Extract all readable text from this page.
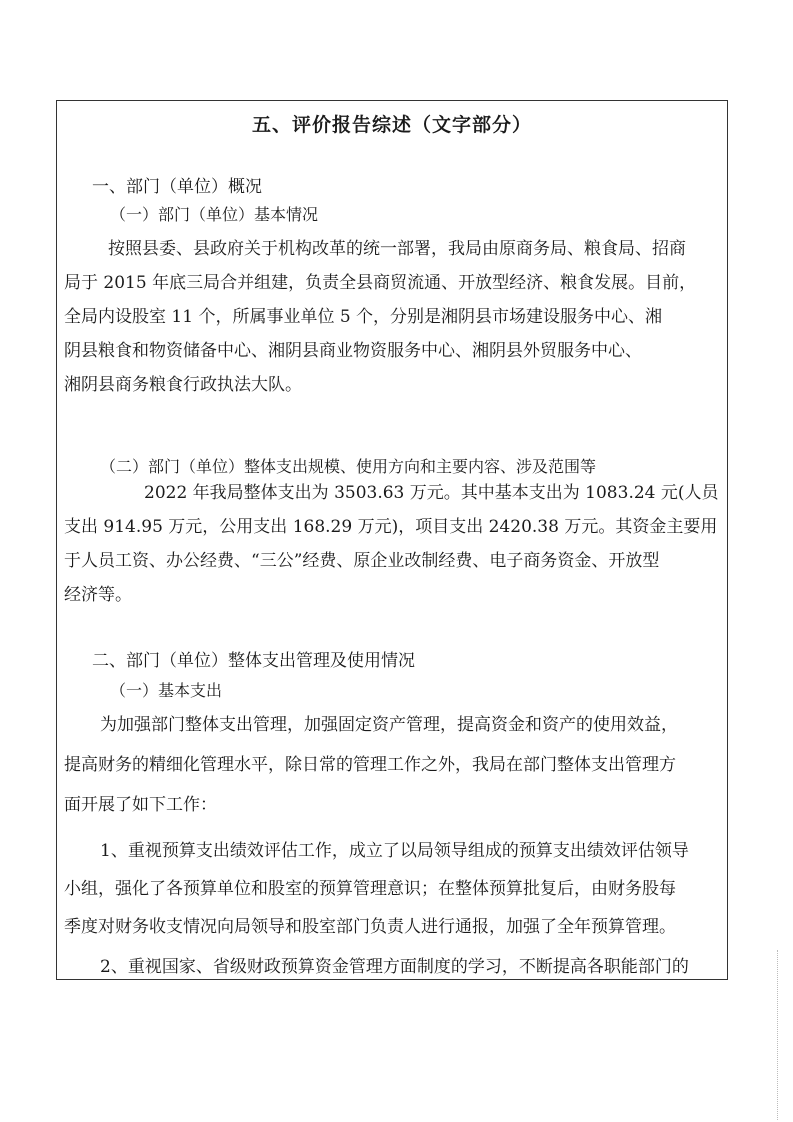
五、评价报告综述（文字部分）
一、部门（单位）概况
（一）部门（单位）基本情况
按照县委、县政府关于机构改革的统一部署，我局由原商务局、粮食局、招商
局于 2015 年底三局合并组建，负责全县商贸流通、开放型经济、粮食发展。目前，
全局内设股室 11 个，所属事业单位 5 个，分别是湘阴县市场建设服务中心、湘
阴县粮食和物资储备中心、湘阴县商业物资服务中心、湘阴县外贸服务中心、
湘阴县商务粮食行政执法大队。
（二）部门（单位）整体支出规模、使用方向和主要内容、涉及范围等
2022 年我局整体支出为 3503.63 万元。其中基本支出为 1083.24 元(人员
支出 914.95 万元，公用支出 168.29 万元)，项目支出 2420.38 万元。其资金主要用
于人员工资、办公经费、“三公”经费、原企业改制经费、电子商务资金、开放型
经济等。
二、部门（单位）整体支出管理及使用情况
（一）基本支出
为加强部门整体支出管理，加强固定资产管理，提高资金和资产的使用效益，
提高财务的精细化管理水平，除日常的管理工作之外，我局在部门整体支出管理方
面开展了如下工作：
1、重视预算支出绩效评估工作，成立了以局领导组成的预算支出绩效评估领导
小组，强化了各预算单位和股室的预算管理意识；在整体预算批复后，由财务股每
季度对财务收支情况向局领导和股室部门负责人进行通报，加强了全年预算管理。
2、重视国家、省级财政预算资金管理方面制度的学习，不断提高各职能部门的
